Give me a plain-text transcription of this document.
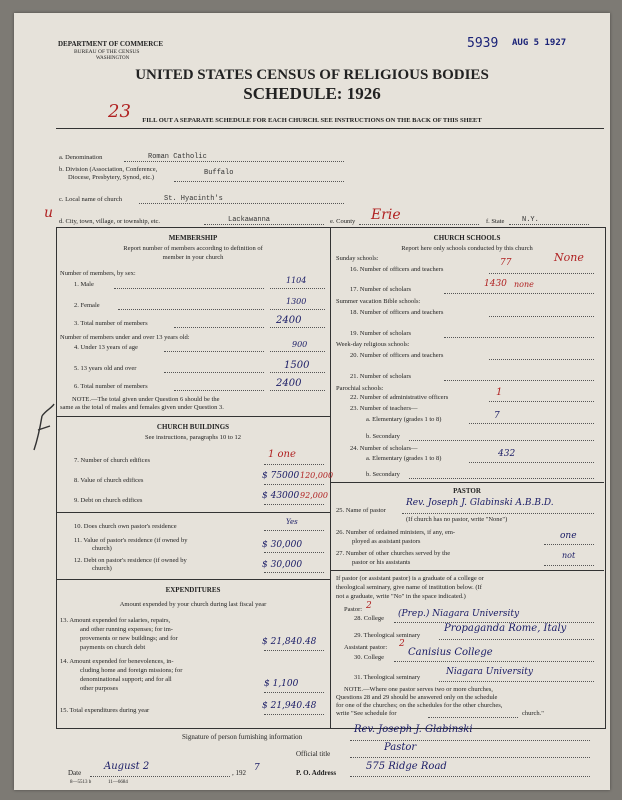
DEPARTMENT OF COMMERCE
BUREAU OF THE CENSUS
WASHINGTON
5939 AUG 5 1927
UNITED STATES CENSUS OF RELIGIOUS BODIES
SCHEDULE: 1926
23	FILL OUT A SEPARATE SCHEDULE FOR EACH CHURCH. SEE INSTRUCTIONS ON THE BACK OF THIS SHEET
a. Denomination	Roman Catholic
b. Division (Association, Conference,
Diocese, Presbytery, Synod, etc.)
Buffalo
c. Local name of church	St. Hyacinth's
u
d. City, town, village, or township, etc.	Lackawanna	e. County Erie	f. State	N.Y.
MEMBERSHIP
Report number of members according to definition of
member in your church
Number of members, by sex:
1. Male	1104
2. Female	1300
3. Total number of members	2400
Number of members under and over 13 years old:
4. Under 13 years of age	900
5. 13 years old and over	1500
6. Total number of members	2400
NOTE.—The total given under Question 6 should be the
same as the total of males and females given under Question 3.
CHURCH BUILDINGS
See instructions, paragraphs 10 to 12
7. Number of church edifices
1 one
8. Value of church edifices	$ 75000 120,000
9. Debt on church edifices	$ 43000 92,000
10. Does church own pastor's residence
Yes
11. Value of pastor's residence (if owned by
church)	$ 30,000
12. Debt on pastor's residence (if owned by
church)	$ 30,000
EXPENDITURES
Amount expended by your church during last fiscal year
13. Amount expended for salaries, repairs,
and other running expenses; for im-
provements or new buildings; and for
payments on church debt
$ 21,840.48
14. Amount expended for benevolences, in-
cluding home and foreign missions; for
denominational support; and for all
other purposes	$ 1,100
15. Total expenditures during year	$ 21,940.48
CHURCH SCHOOLS
Report here only schools conducted by this church
Sunday schools:
16. Number of officers and teachers
77	None
17. Number of scholars
1430 none
Summer vacation Bible schools:
18. Number of officers and teachers
19. Number of scholars
Week-day religious schools:
20. Number of officers and teachers
21. Number of scholars
Parochial schools:
22. Number of administrative officers	1
23. Number of teachers—
a. Elementary (grades 1 to 8)	7
b. Secondary
24. Number of scholars—
a. Elementary (grades 1 to 8)	432
b. Secondary
PASTOR
25. Name of pastor
Rev. Joseph J. Glabinski A.B.B.D.
(If church has no pastor, write "None")
26. Number of ordained ministers, if any, em-
ployed as assistant pastors
one
27. Number of other churches served by the
pastor or his assistants
not
If pastor (or assistant pastor) is a graduate of a college or
theological seminary, give name of institution below. (If
not a graduate, write "No" in the space indicated.)
Pastor: 2
28. College (Prep.) Niagara University
29. Theological seminary
Propaganda Rome, Italy
Assistant pastor: 2
30. College Canisius College
31. Theological seminary
Niagara University
NOTE.—Where one pastor serves two or more churches,
Questions 28 and 29 should be answered only on the schedule
for one of the churches; on the schedules for the other churches,
write "See schedule for	church."
Signature of person furnishing information
Rev. Joseph J. Glabinski
Official title
Pastor
Date
August 2
, 192 7	P. O. Address
575 Ridge Road
8—5513 b	11—6684
